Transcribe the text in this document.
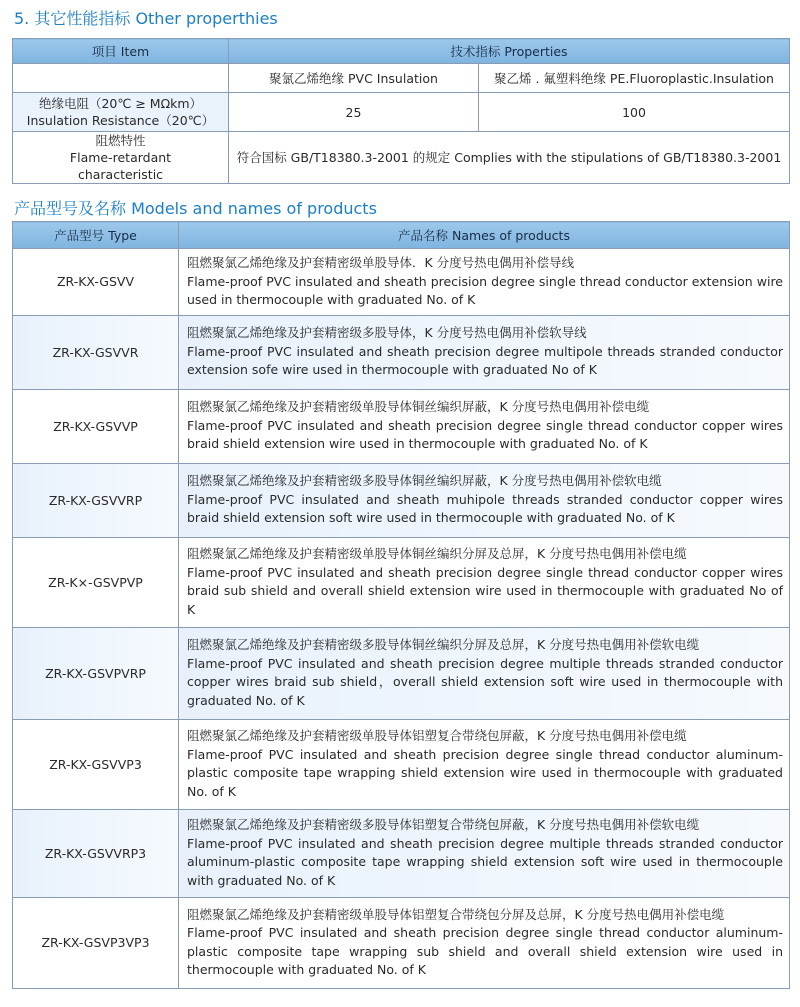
5. 其它性能指标 Other properthies
项目 Item	技术指标 Properties	
	聚氯乙烯绝缘 PVC Insulation	聚乙烯 . 氟塑料绝缘 PE.Fluoroplastic.Insulation

绝缘电阻（20℃ ≥ MΩkm）
Insulation Resistance（20℃）	25	100

阻燃特性
Flame-retardant
characteristic	符合国标 GB/T18380.3-2001 的规定 Complies with the stipulations of GB/T18380.3-2001	
产品型号及名称 Models and names of products
产品型号 Type	产品名称 Names of products
ZR-KX-GSVV	阻燃聚氯乙烯绝缘及护套精密级单股导体．K 分度号热电偶用补偿导线
Flame-proof PVC insulated and sheath precision degree single thread conductor extension wire used in thermocouple with graduated No. of K

ZR-KX-GSVVR	阻燃聚氯乙烯绝缘及护套精密级多股导体，K 分度号热电偶用补偿软导线
Flame-proof PVC insulated and sheath precision degree multipole threads stranded conductor extension sofe wire used in thermocouple with graduated No of K

ZR-KX-GSVVP	阻燃聚氯乙烯绝缘及护套精密级单股导体铜丝编织屏蔽，K 分度号热电偶用补偿电缆
Flame-proof PVC insulated and sheath precision degree single thread conductor copper wires braid shield extension wire used in thermocouple with graduated No. of K

ZR-KX-GSVVRP	阻燃聚氯乙烯绝缘及护套精密级多股导体铜丝编织屏蔽，K 分度号热电偶用补偿软电缆
Flame-proof PVC insulated and sheath muhipole threads stranded conductor copper wires braid shield extension soft wire used in thermocouple with graduated No. of K

ZR-K×-GSVPVP	阻燃聚氯乙烯绝缘及护套精密级单股导体铜丝编织分屏及总屏，K 分度号热电偶用补偿电缆
Flame-proof PVC insulated and sheath precision degree single thread conductor copper wires braid sub shield and overall shield extension wire used in thermocouple with graduated No of K

ZR-KX-GSVPVRP	阻燃聚氯乙烯绝缘及护套精密级多股导体铜丝编织分屏及总屏，K 分度号热电偶用补偿软电缆
Flame-proof PVC insulated and sheath precision degree multiple threads stranded conductor copper wires braid sub shield，overall shield extension soft wire used in thermocouple with graduated No. of K

ZR-KX-GSVVP3	阻燃聚氯乙烯绝缘及护套精密级单股导体铝塑复合带绕包屏蔽，K 分度号热电偶用补偿电缆
Flame-proof PVC insulated and sheath precision degree single thread conductor aluminum-plastic composite tape wrapping shield extension wire used in thermocouple with graduated No. of K

ZR-KX-GSVVRP3	阻燃聚氯乙烯绝缘及护套精密级多股导体铝塑复合带绕包屏蔽，K 分度号热电偶用补偿软电缆
Flame-proof PVC insulated and sheath precision degree multiple threads stranded conductor aluminum-plastic composite tape wrapping shield extension soft wire used in thermocouple with graduated No. of K

ZR-KX-GSVP3VP3	阻燃聚氯乙烯绝缘及护套精密级单股导体铝塑复合带绕包分屏及总屏，K 分度号热电偶用补偿电缆
Flame-proof PVC insulated and sheath precision degree single thread conductor aluminum-plastic composite tape wrapping sub shield and overall shield extension wire used in thermocouple with graduated No. of K
